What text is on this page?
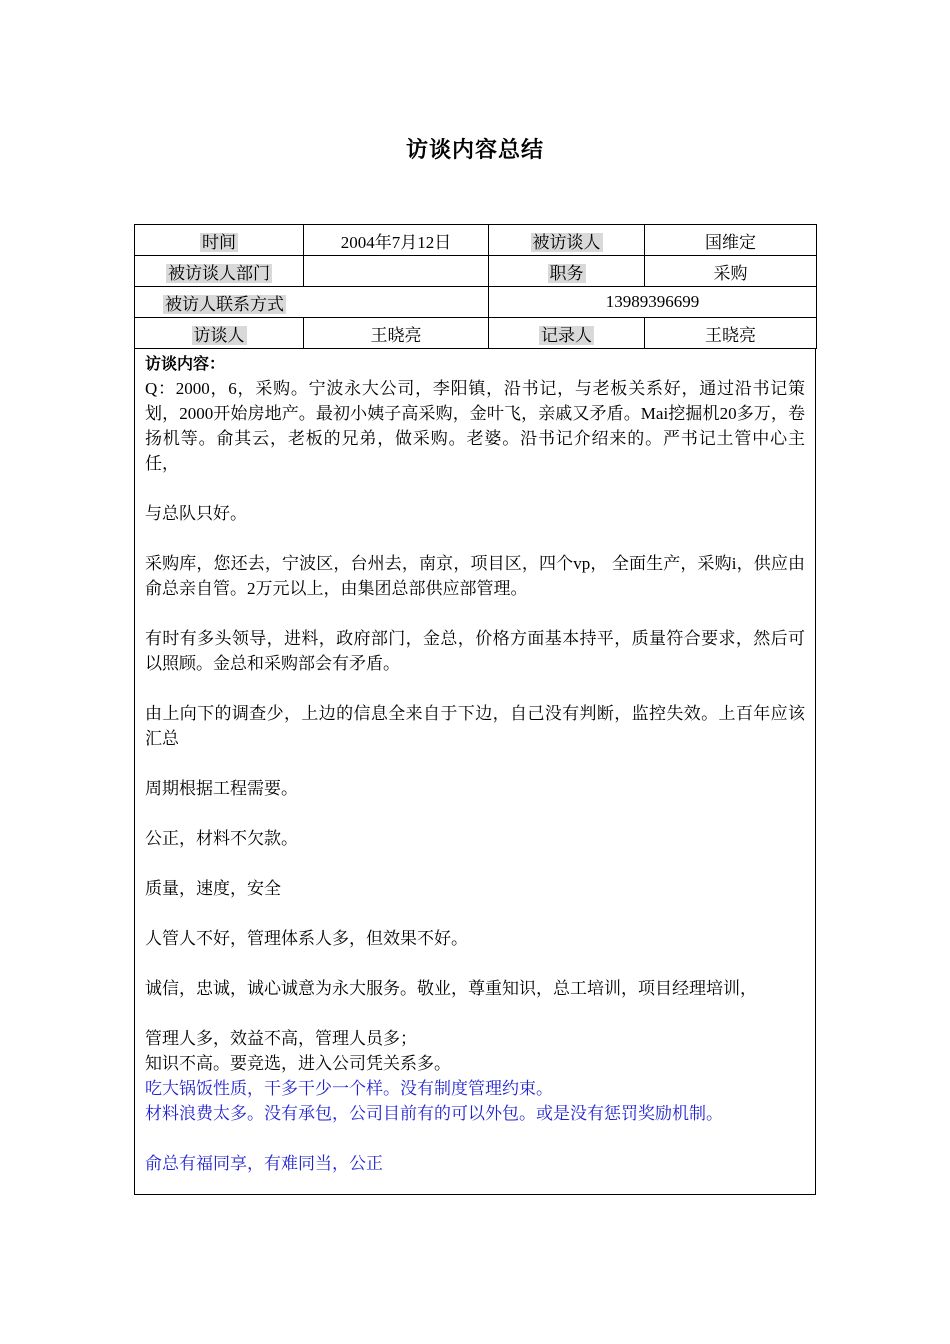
访谈内容总结
时间	2004年7月12日	被访谈人	国维定
被访谈人部门		职务	采购
被访人联系方式		13989396699	
访谈人	王晓亮	记录人	王晓亮
访谈内容：
Q：2000，6，采购。宁波永大公司，李阳镇，沿书记，与老板关系好，通过沿书记策划，2000开始房地产。最初小姨子高采购，金叶飞，亲戚又矛盾。Mai挖掘机20多万，卷扬机等。俞其云，老板的兄弟，做采购。老婆。沿书记介绍来的。严书记土管中心主任，
与总队只好。
采购库，您还去，宁波区，台州去，南京，项目区，四个vp， 全面生产，采购i，供应由俞总亲自管。2万元以上，由集团总部供应部管理。
有时有多头领导，进料，政府部门，金总，价格方面基本持平，质量符合要求，然后可以照顾。金总和采购部会有矛盾。
由上向下的调查少，上边的信息全来自于下边，自己没有判断，监控失效。上百年应该汇总
周期根据工程需要。
公正，材料不欠款。
质量，速度，安全
人管人不好，管理体系人多，但效果不好。
诚信，忠诚，诚心诚意为永大服务。敬业，尊重知识，总工培训，项目经理培训，
管理人多，效益不高，管理人员多；
知识不高。要竞选，进入公司凭关系多。
吃大锅饭性质，干多干少一个样。没有制度管理约束。
材料浪费太多。没有承包，公司目前有的可以外包。或是没有惩罚奖励机制。
俞总有福同享，有难同当，公正
